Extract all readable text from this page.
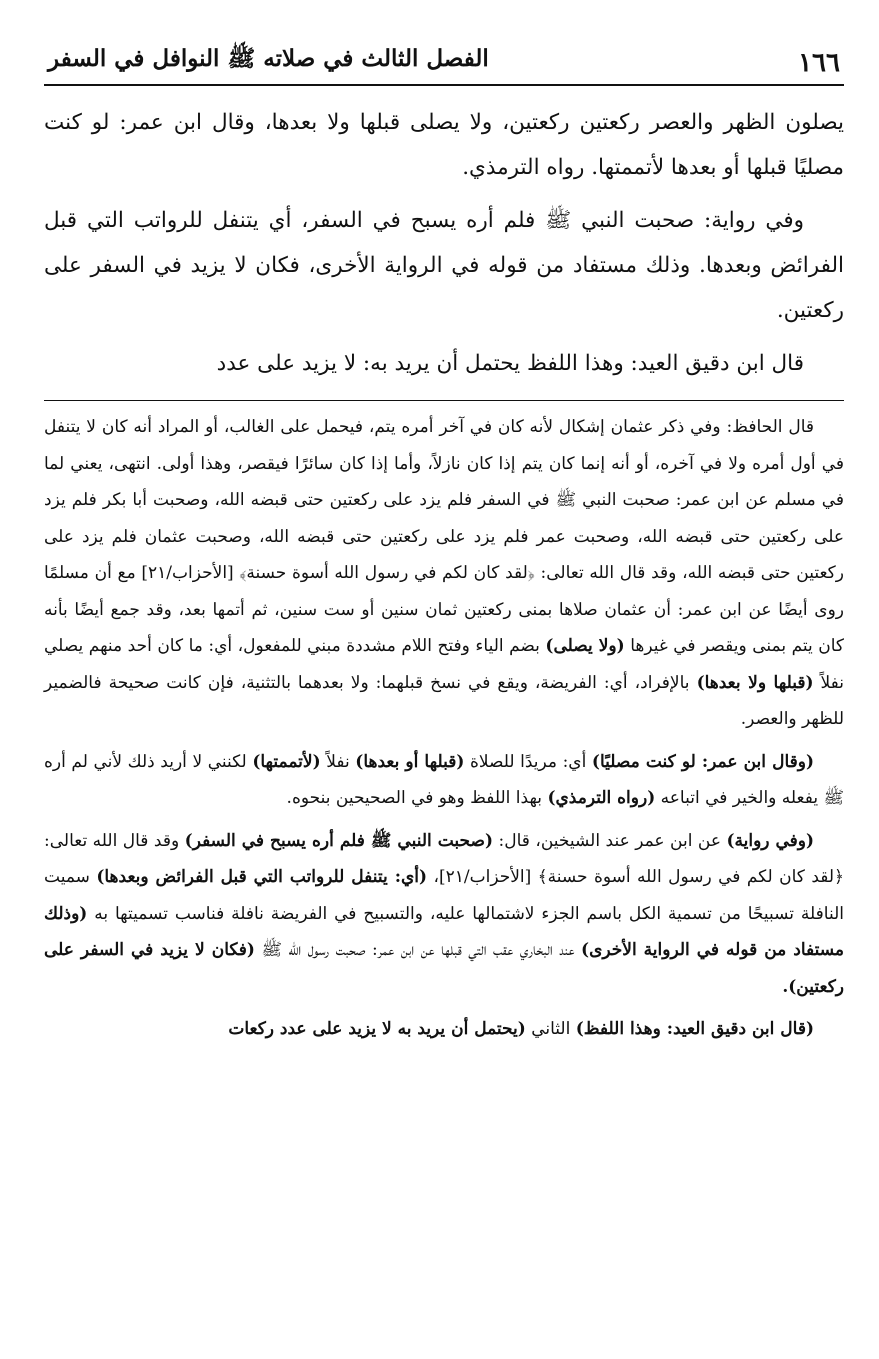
١٦٦
الفصل الثالث في صلاته ﷺ النوافل في السفر

يصلون الظهر والعصر ركعتين ركعتين، ولا يصلى قبلها ولا بعدها، وقال ابن عمر: لو كنت مصليًا قبلها أو بعدها لأتممتها. رواه الترمذي.

وفي رواية: صحبت النبي ﷺ فلم أره يسبح في السفر، أي يتنفل للرواتب التي قبل الفرائض وبعدها. وذلك مستفاد من قوله في الرواية الأخرى، فكان لا يزيد في السفر على ركعتين.

قال ابن دقيق العيد: وهذا اللفظ يحتمل أن يريد به: لا يزيد على عدد

قال الحافظ: وفي ذكر عثمان إشكال لأنه كان في آخر أمره يتم، فيحمل على الغالب، أو المراد أنه كان لا يتنفل في أول أمره ولا في آخره، أو أنه إنما كان يتم إذا كان نازلاً، وأما إذا كان سائرًا فيقصر، وهذا أولى. انتهى، يعني لما في مسلم عن ابن عمر: صحبت النبي ﷺ في السفر فلم يزد على ركعتين حتى قبضه الله، وصحبت أبا بكر فلم يزد على ركعتين حتى قبضه الله، وصحبت عمر فلم يزد على ركعتين حتى قبضه الله، وصحبت عثمان فلم يزد على ركعتين حتى قبضه الله، وقد قال الله تعالى: ﴿لقد كان لكم في رسول الله أسوة حسنة﴾ [الأحزاب/٢١] مع أن مسلمًا روى أيضًا عن ابن عمر: أن عثمان صلاها بمنى ركعتين ثمان سنين أو ست سنين، ثم أتمها بعد، وقد جمع أيضًا بأنه كان يتم بمنى ويقصر في غيرها (ولا يصلى) بضم الياء وفتح اللام مشددة مبني للمفعول، أي: ما كان أحد منهم يصلي نفلاً (قبلها ولا بعدها) بالإفراد، أي: الفريضة، ويقع في نسخ قبلهما: ولا بعدهما بالتثنية، فإن كانت صحيحة فالضمير للظهر والعصر.

(وقال ابن عمر: لو كنت مصليًا) أي: مريدًا للصلاة (قبلها أو بعدها) نفلاً (لأتممتها) لكنني لا أريد ذلك لأني لم أره ﷺ يفعله والخير في اتباعه (رواه الترمذي) بهذا اللفظ وهو في الصحيحين بنحوه.

(وفي رواية) عن ابن عمر عند الشيخين، قال: (صحبت النبي ﷺ فلم أره يسبح في السفر) وقد قال الله تعالى: ﴿لقد كان لكم في رسول الله أسوة حسنة﴾ [الأحزاب/٢١]، (أي: يتنفل للرواتب التي قبل الفرائض وبعدها) سميت النافلة تسبيحًا من تسمية الكل باسم الجزء لاشتمالها عليه، والتسبيح في الفريضة نافلة فناسب تسميتها به (وذلك مستفاد من قوله في الرواية الأخرى) عند البخاري عقب التي قبلها عن ابن عمر: صحبت رسول الله ﷺ (فكان لا يزيد في السفر على ركعتين).

(قال ابن دقيق العيد: وهذا اللفظ) الثاني (يحتمل أن يريد به لا يزيد على عدد ركعات
